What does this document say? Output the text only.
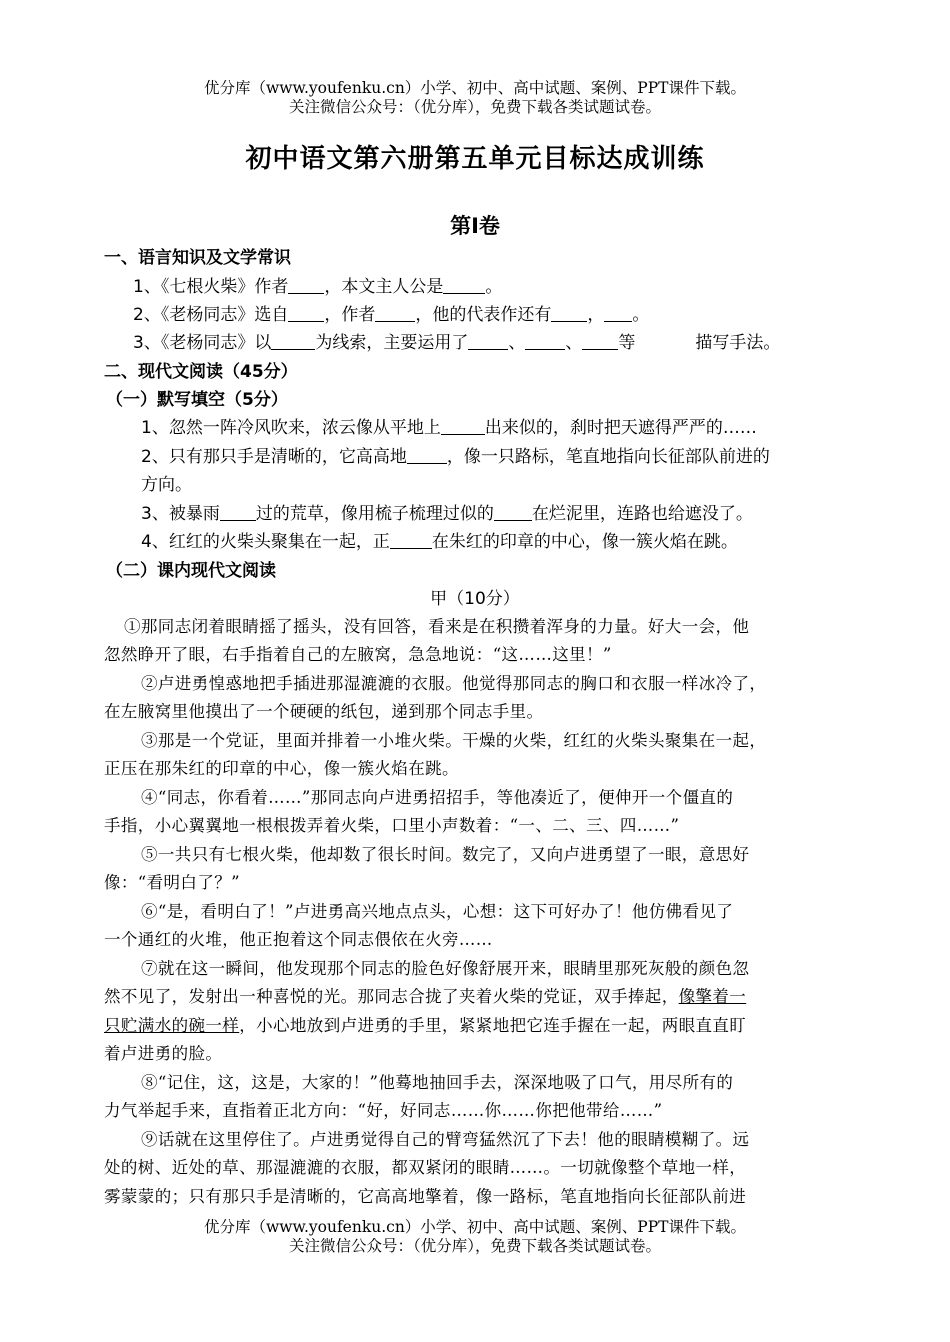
优分库（www.youfenku.cn）小学、初中、高中试题、案例、PPT课件下载。
关注微信公众号：（优分库），免费下载各类试题试卷。
初中语文第六册第五单元目标达成训练
第Ⅰ卷
一、语言知识及文学常识
1、《七根火柴》作者 ，本文主人公是 。
2、《老杨同志》选自 ，作者 ，他的代表作还有 ， 。
3、《老杨同志》以	为线索，主要运用了 、 、 等	描写手法。
二、现代文阅读（45分）
（一）默写填空（5分）
1、忽然一阵冷风吹来，浓云像从平地上	出来似的，刹时把天遮得严严的……
2、只有那只手是清晰的，它高高地 ，像一只路标，笔直地指向长征部队前进的
方向。
3、被暴雨 过的荒草，像用梳子梳理过似的 在烂泥里，连路也给遮没了。
4、红红的火柴头聚集在一起，正 在朱红的印章的中心，像一簇火焰在跳。
（二）课内现代文阅读
甲（10分）
①那同志闭着眼睛摇了摇头，没有回答，看来是在积攒着浑身的力量。好大一会，他
忽然睁开了眼，右手指着自己的左腋窝，急急地说：“这……这里！”
②卢进勇惶惑地把手插进那湿漉漉的衣服。他觉得那同志的胸口和衣服一样冰冷了，
在左腋窝里他摸出了一个硬硬的纸包，递到那个同志手里。
③那是一个党证，里面并排着一小堆火柴。干燥的火柴，红红的火柴头聚集在一起，
正压在那朱红的印章的中心，像一簇火焰在跳。
④“同志，你看着……”那同志向卢进勇招招手，等他凑近了，便伸开一个僵直的
手指，小心翼翼地一根根拨弄着火柴，口里小声数着：“一、二、三、四……”
⑤一共只有七根火柴，他却数了很长时间。数完了，又向卢进勇望了一眼，意思好
像：“看明白了？”
⑥“是，看明白了！”卢进勇高兴地点点头，心想：这下可好办了！他仿佛看见了
一个通红的火堆，他正抱着这个同志偎依在火旁……
⑦就在这一瞬间，他发现那个同志的脸色好像舒展开来，眼睛里那死灰般的颜色忽
然不见了，发射出一种喜悦的光。那同志合拢了夹着火柴的党证，双手捧起，像擎着一
只贮满水的碗一样，小心地放到卢进勇的手里，紧紧地把它连手握在一起，两眼直直盯
着卢进勇的脸。
⑧“记住，这，这是，大家的！”他蓦地抽回手去，深深地吸了口气，用尽所有的
力气举起手来，直指着正北方向：“好，好同志……你……你把他带给……”
⑨话就在这里停住了。卢进勇觉得自己的臂弯猛然沉了下去！他的眼睛模糊了。远
处的树、近处的草、那湿漉漉的衣服，都双紧闭的眼睛……。一切就像整个草地一样，
雾蒙蒙的；只有那只手是清晰的，它高高地擎着，像一路标，笔直地指向长征部队前进
优分库（www.youfenku.cn）小学、初中、高中试题、案例、PPT课件下载。
关注微信公众号：（优分库），免费下载各类试题试卷。
